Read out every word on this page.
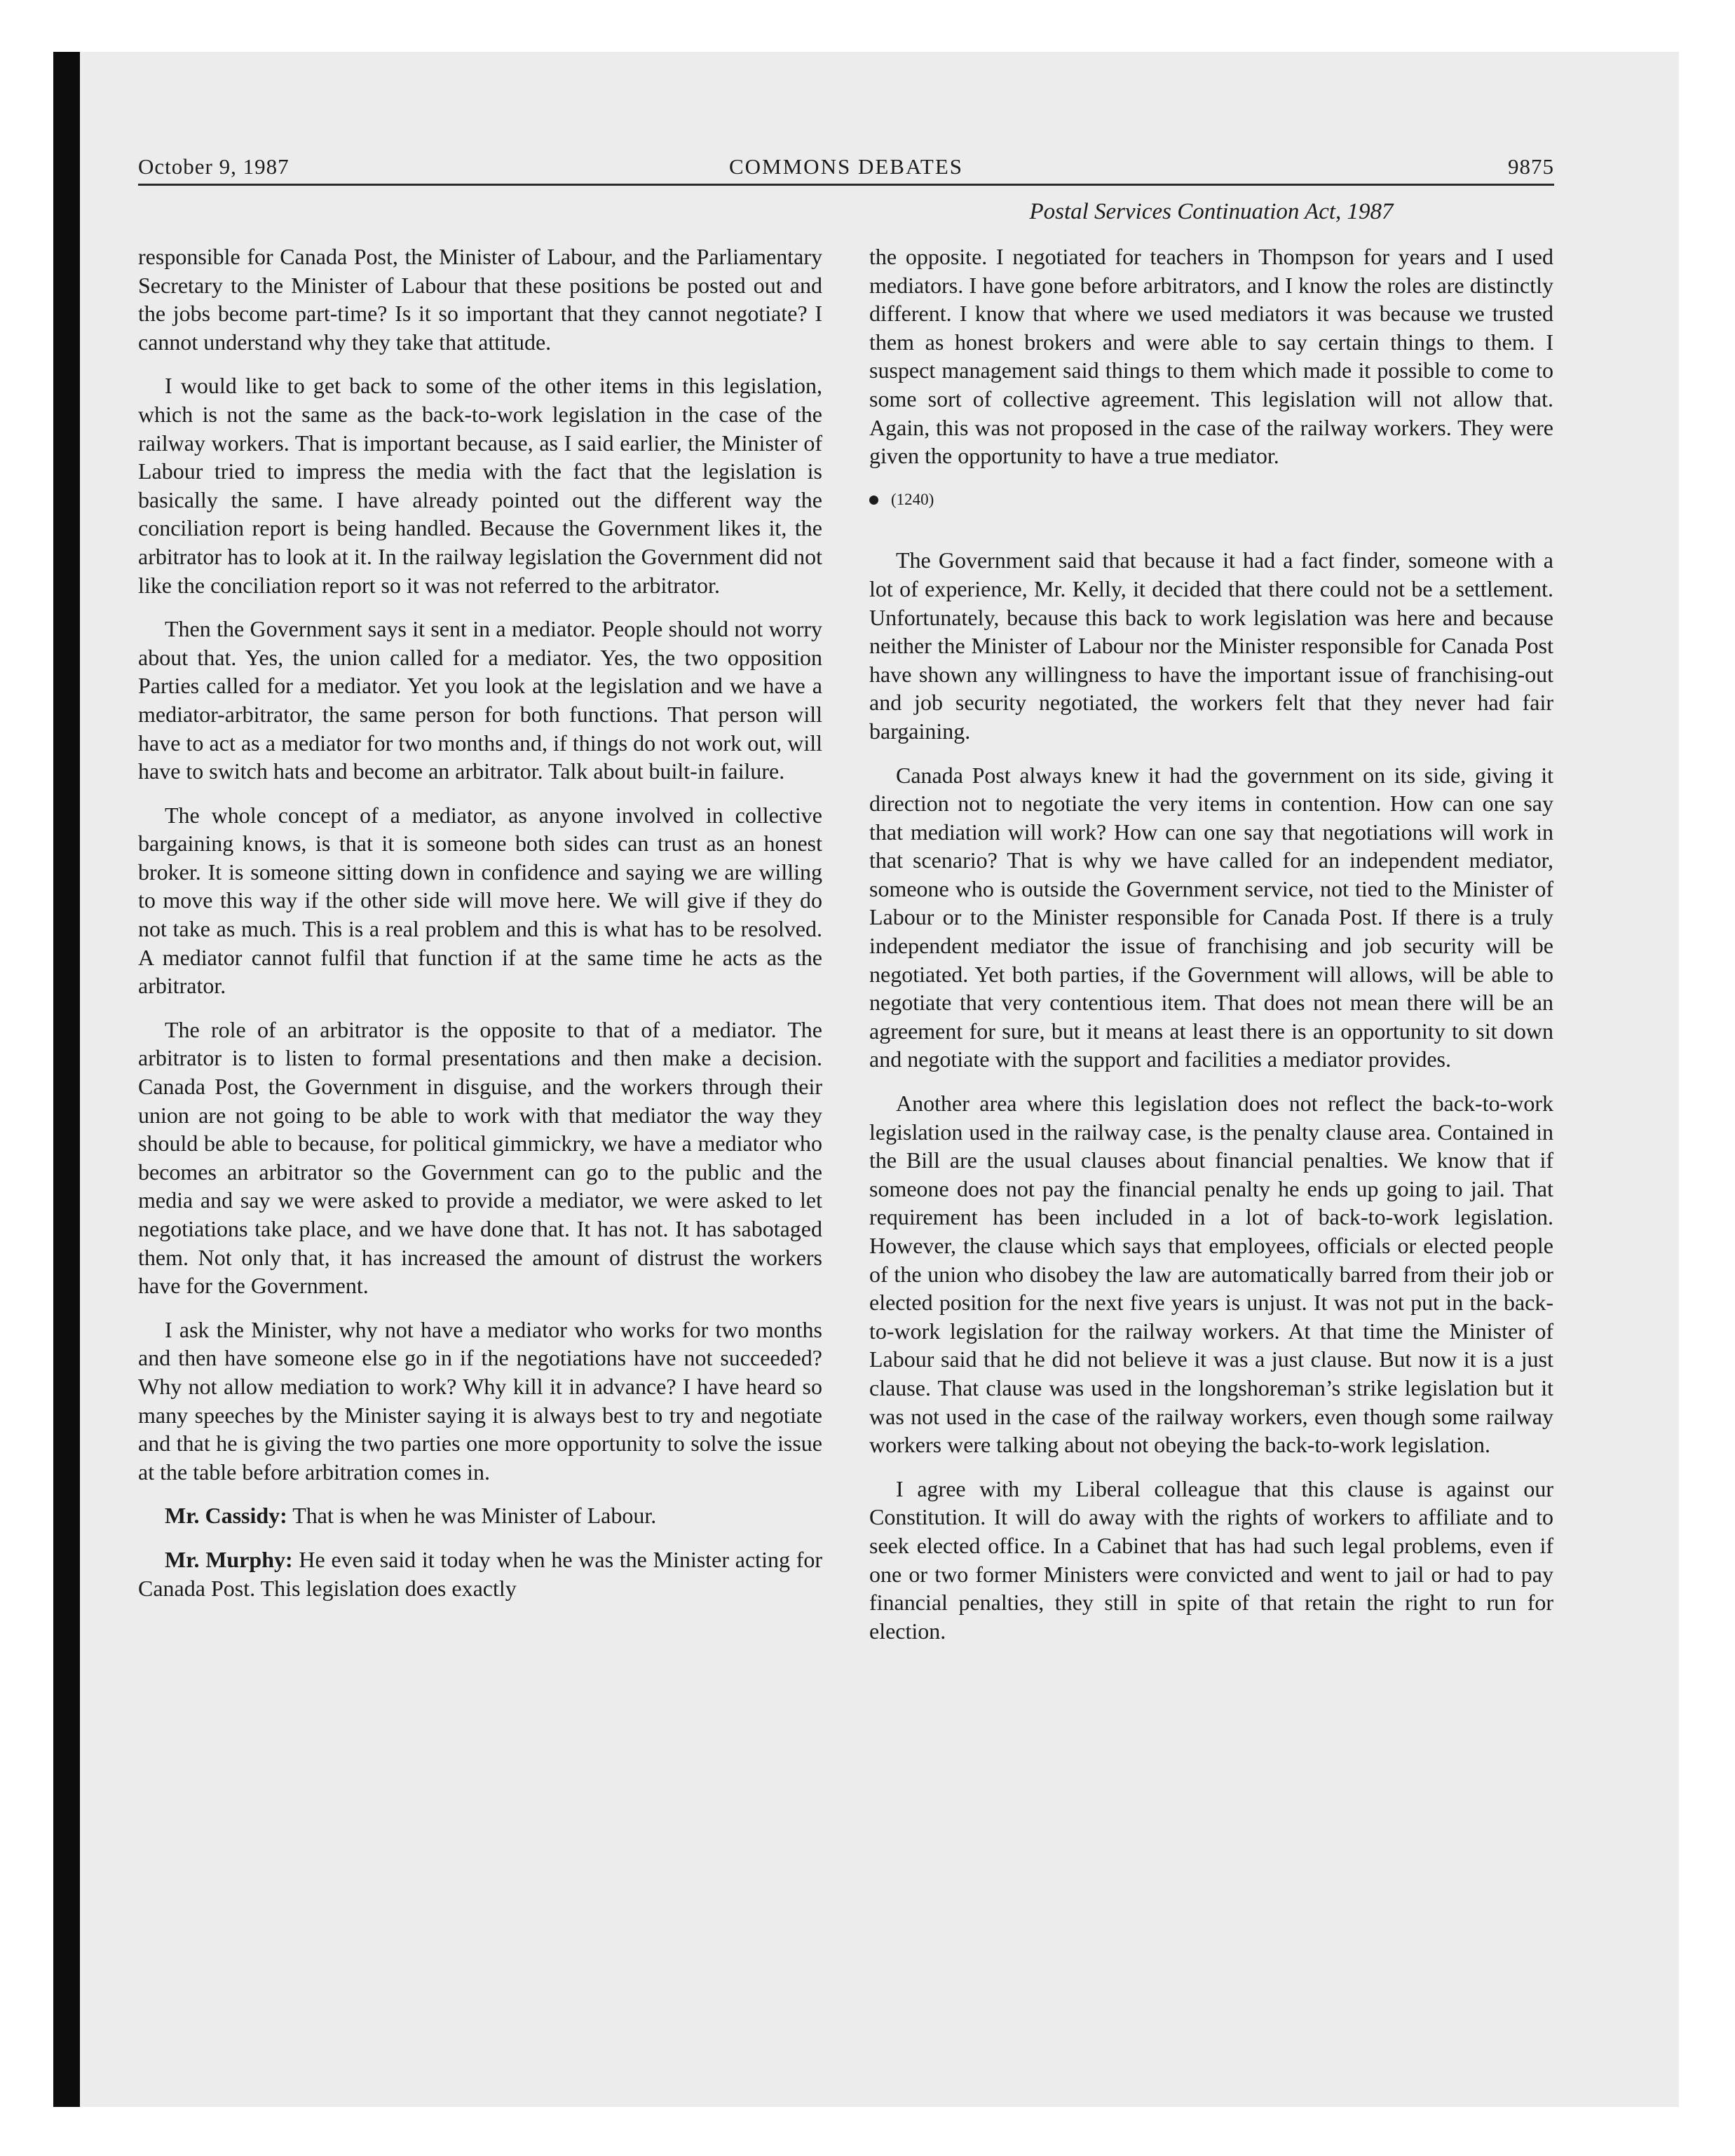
October 9, 1987	COMMONS DEBATES	9875
Postal Services Continuation Act, 1987

responsible for Canada Post, the Minister of Labour, and the Parliamentary Secretary to the Minister of Labour that these positions be posted out and the jobs become part-time? Is it so important that they cannot negotiate? I cannot understand why they take that attitude.

I would like to get back to some of the other items in this legislation, which is not the same as the back-to-work legislation in the case of the railway workers. That is important because, as I said earlier, the Minister of Labour tried to impress the media with the fact that the legislation is basically the same. I have already pointed out the different way the conciliation report is being handled. Because the Government likes it, the arbitrator has to look at it. In the railway legislation the Government did not like the conciliation report so it was not referred to the arbitrator.

Then the Government says it sent in a mediator. People should not worry about that. Yes, the union called for a mediator. Yes, the two opposition Parties called for a mediator. Yet you look at the legislation and we have a mediator-arbitrator, the same person for both functions. That person will have to act as a mediator for two months and, if things do not work out, will have to switch hats and become an arbitrator. Talk about built-in failure.

The whole concept of a mediator, as anyone involved in collective bargaining knows, is that it is someone both sides can trust as an honest broker. It is someone sitting down in confidence and saying we are willing to move this way if the other side will move here. We will give if they do not take as much. This is a real problem and this is what has to be resolved. A mediator cannot fulfil that function if at the same time he acts as the arbitrator.

The role of an arbitrator is the opposite to that of a mediator. The arbitrator is to listen to formal presentations and then make a decision. Canada Post, the Government in disguise, and the workers through their union are not going to be able to work with that mediator the way they should be able to because, for political gimmickry, we have a mediator who becomes an arbitrator so the Government can go to the public and the media and say we were asked to provide a mediator, we were asked to let negotiations take place, and we have done that. It has not. It has sabotaged them. Not only that, it has increased the amount of distrust the workers have for the Government.

I ask the Minister, why not have a mediator who works for two months and then have someone else go in if the negotiations have not succeeded? Why not allow mediation to work? Why kill it in advance? I have heard so many speeches by the Minister saying it is always best to try and negotiate and that he is giving the two parties one more opportunity to solve the issue at the table before arbitration comes in.

Mr. Cassidy: That is when he was Minister of Labour.

Mr. Murphy: He even said it today when he was the Minister acting for Canada Post. This legislation does exactly

the opposite. I negotiated for teachers in Thompson for years and I used mediators. I have gone before arbitrators, and I know the roles are distinctly different. I know that where we used mediators it was because we trusted them as honest brokers and were able to say certain things to them. I suspect management said things to them which made it possible to come to some sort of collective agreement. This legislation will not allow that. Again, this was not proposed in the case of the railway workers. They were given the opportunity to have a true mediator.

(1240)

The Government said that because it had a fact finder, someone with a lot of experience, Mr. Kelly, it decided that there could not be a settlement. Unfortunately, because this back to work legislation was here and because neither the Minister of Labour nor the Minister responsible for Canada Post have shown any willingness to have the important issue of franchising-out and job security negotiated, the workers felt that they never had fair bargaining.

Canada Post always knew it had the government on its side, giving it direction not to negotiate the very items in contention. How can one say that mediation will work? How can one say that negotiations will work in that scenario? That is why we have called for an independent mediator, someone who is outside the Government service, not tied to the Minister of Labour or to the Minister responsible for Canada Post. If there is a truly independent mediator the issue of franchising and job security will be negotiated. Yet both parties, if the Government will allows, will be able to negotiate that very contentious item. That does not mean there will be an agreement for sure, but it means at least there is an opportunity to sit down and negotiate with the support and facilities a mediator provides.

Another area where this legislation does not reflect the back-to-work legislation used in the railway case, is the penalty clause area. Contained in the Bill are the usual clauses about financial penalties. We know that if someone does not pay the financial penalty he ends up going to jail. That requirement has been included in a lot of back-to-work legislation. However, the clause which says that employees, officials or elected people of the union who disobey the law are automatically barred from their job or elected position for the next five years is unjust. It was not put in the back-to-work legislation for the railway workers. At that time the Minister of Labour said that he did not believe it was a just clause. But now it is a just clause. That clause was used in the longshoreman’s strike legislation but it was not used in the case of the railway workers, even though some railway workers were talking about not obeying the back-to-work legislation.

I agree with my Liberal colleague that this clause is against our Constitution. It will do away with the rights of workers to affiliate and to seek elected office. In a Cabinet that has had such legal problems, even if one or two former Ministers were convicted and went to jail or had to pay financial penalties, they still in spite of that retain the right to run for election.
